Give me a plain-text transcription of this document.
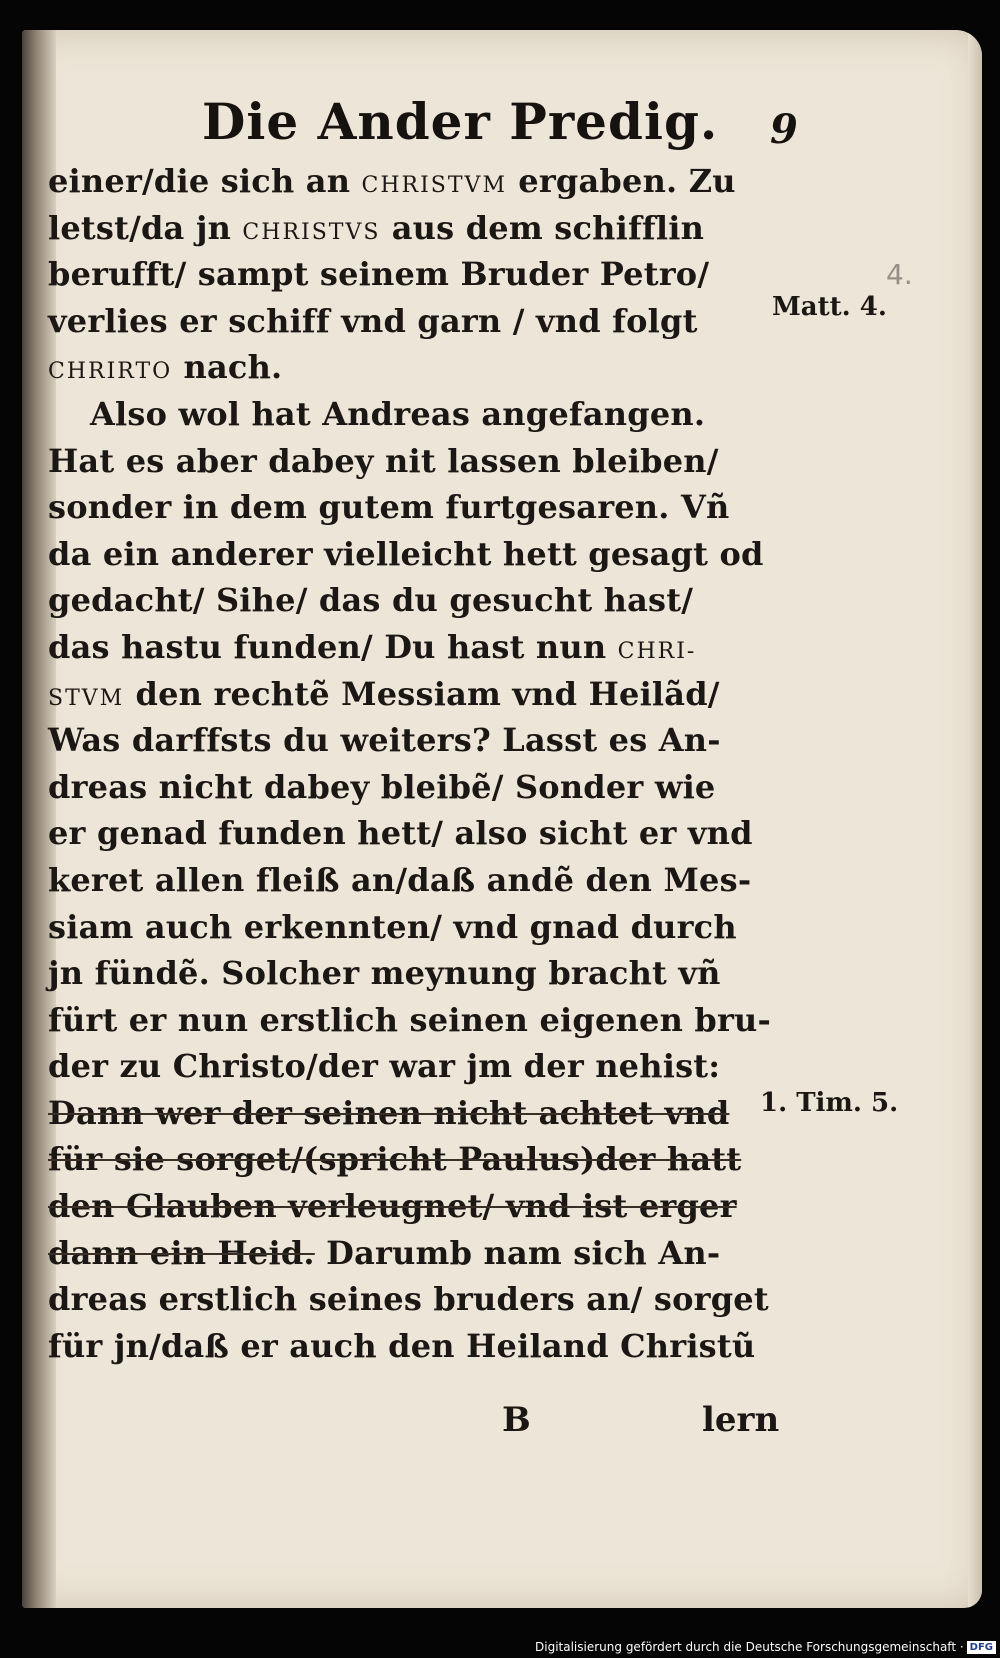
Die Ander Predig. 9
einer/die sich an CHRISTVM ergaben. Zu
letst/da jn CHRISTVS aus dem schifflin
berufft/ sampt seinem Bruder Petro/
verlies er schiff vnd garn / vnd folgt
CHRIRTO nach.
Also wol hat Andreas angefangen.
Hat es aber dabey nit lassen bleiben/
sonder in dem gutem furtgesaren. Vñ
da ein anderer vielleicht hett gesagt od
gedacht/ Sihe/ das du gesucht hast/
das hastu funden/ Du hast nun CHRI-
STVM den rechtẽ Messiam vnd Heilãd/
Was darffsts du weiters? Lasst es An-
dreas nicht dabey bleibẽ/ Sonder wie
er genad funden hett/ also sicht er vnd
keret allen fleiß an/daß andẽ den Mes-
siam auch erkennten/ vnd gnad durch
jn fündẽ. Solcher meynung bracht vñ
fürt er nun erstlich seinen eigenen bru-
der zu Christo/der war jm der nehist:
Dann wer der seinen nicht achtet vnd
für sie sorget/(spricht Paulus)der hatt
den Glauben verleugnet/ vnd ist erger
dann ein Heid. Darumb nam sich An-
dreas erstlich seines bruders an/ sorget
für jn/daß er auch den Heiland Christũ
Matt. 4.
1. Tim. 5.
4.
B	lern
Digitalisierung gefördert durch die Deutsche Forschungsgemeinschaft · DFG
